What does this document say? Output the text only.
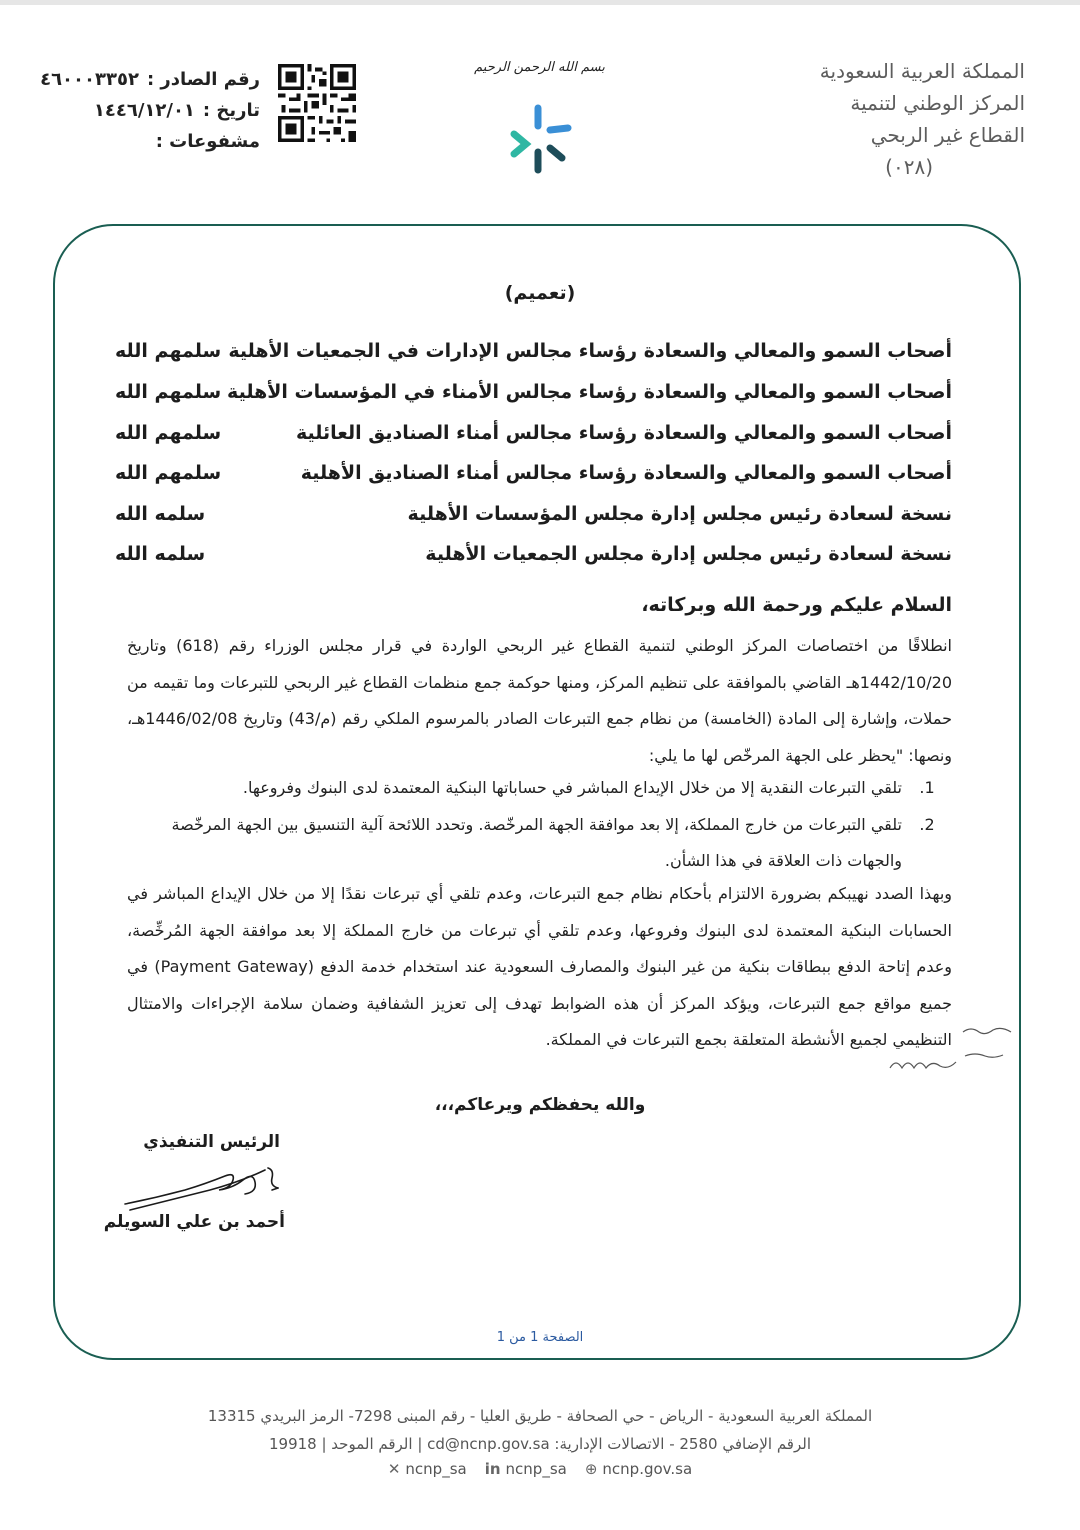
المملكة العربية السعودية
المركز الوطني لتنمية
القطاع غير الربحي
(٠٢٨)
بسم الله الرحمن الرحيم
رقم الصادر :
٤٦٠٠٠٣٣٥٢
تاريخ :
١٤٤٦/١٢/٠١
مشفوعات :
(تعميم)
أصحاب السمو والمعالي والسعادة رؤساء مجالس الإدارات في الجمعيات الأهلية
سلمهم الله
أصحاب السمو والمعالي والسعادة رؤساء مجالس الأمناء في المؤسسات الأهلية
سلمهم الله
أصحاب السمو والمعالي والسعادة رؤساء مجالس أمناء الصناديق العائلية
سلمهم الله
أصحاب السمو والمعالي والسعادة رؤساء مجالس أمناء الصناديق الأهلية
سلمهم الله
نسخة لسعادة رئيس مجلس إدارة مجلس المؤسسات الأهلية
سلمه الله
نسخة لسعادة رئيس مجلس إدارة مجلس الجمعيات الأهلية
سلمه الله
السلام عليكم ورحمة الله وبركاته،
انطلاقًا من اختصاصات المركز الوطني لتنمية القطاع غير الربحي الواردة في قرار مجلس الوزراء رقم (618) وتاريخ 1442/10/20هـ القاضي بالموافقة على تنظيم المركز، ومنها حوكمة جمع منظمات القطاع غير الربحي للتبرعات وما تقيمه من حملات، وإشارة إلى المادة (الخامسة) من نظام جمع التبرعات الصادر بالمرسوم الملكي رقم (م/43) وتاريخ 1446/02/08هـ، ونصها: "يحظر على الجهة المرخّص لها ما يلي:
1.
تلقي التبرعات النقدية إلا من خلال الإيداع المباشر في حساباتها البنكية المعتمدة لدى البنوك وفروعها.
2.
تلقي التبرعات من خارج المملكة، إلا بعد موافقة الجهة المرخّصة. وتحدد اللائحة آلية التنسيق بين الجهة المرخّصة والجهات ذات العلاقة في هذا الشأن.
وبهذا الصدد نهيبكم بضرورة الالتزام بأحكام نظام جمع التبرعات، وعدم تلقي أي تبرعات نقدًا إلا من خلال الإيداع المباشر في الحسابات البنكية المعتمدة لدى البنوك وفروعها، وعدم تلقي أي تبرعات من خارج المملكة إلا بعد موافقة الجهة المُرخِّصة، وعدم إتاحة الدفع ببطاقات بنكية من غير البنوك والمصارف السعودية عند استخدام خدمة الدفع (Payment Gateway) في جميع مواقع جمع التبرعات، ويؤكد المركز أن هذه الضوابط تهدف إلى تعزيز الشفافية وضمان سلامة الإجراءات والامتثال التنظيمي لجميع الأنشطة المتعلقة بجمع التبرعات في المملكة.
والله يحفظكم ويرعاكم،،،
الرئيس التنفيذي
أحمد بن علي السويلم
الصفحة 1 من 1
المملكة العربية السعودية - الرياض - حي الصحافة - طريق العليا - رقم المبنى 7298- الرمز البريدي 13315
الرقم الإضافي 2580 - الاتصالات الإدارية: cd@ncnp.gov.sa | الرقم الموحد | 19918
⊕ ncnp.gov.sa
in ncnp_sa
✕ ncnp_sa
